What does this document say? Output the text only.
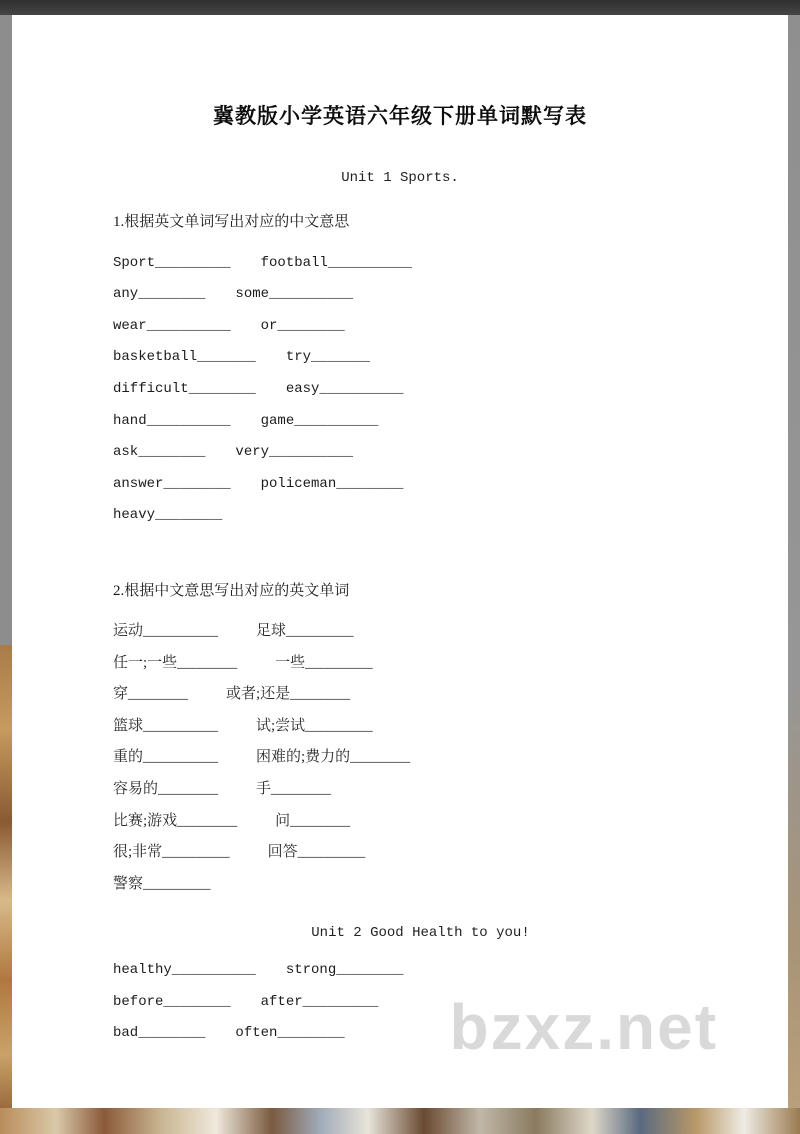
冀教版小学英语六年级下册单词默写表
Unit 1 Sports.
1.根据英文单词写出对应的中文意思
Sport_________ football__________
any________ some__________
wear__________ or________
basketball_______ try_______
difficult________ easy__________
hand__________ game__________
ask________ very__________
answer________ policeman________
heavy________
2.根据中文意思写出对应的英文单词
运动__________	足球_________
任一;一些________	一些_________
穿________	或者;还是________
篮球__________	试;尝试_________
重的__________	困难的;费力的________
容易的________	手________
比赛;游戏________	问________
很;非常_________	回答_________
警察_________
Unit 2 Good Health to you!
healthy__________ strong________
before________ after_________
bad________ often________ bzxz.net
